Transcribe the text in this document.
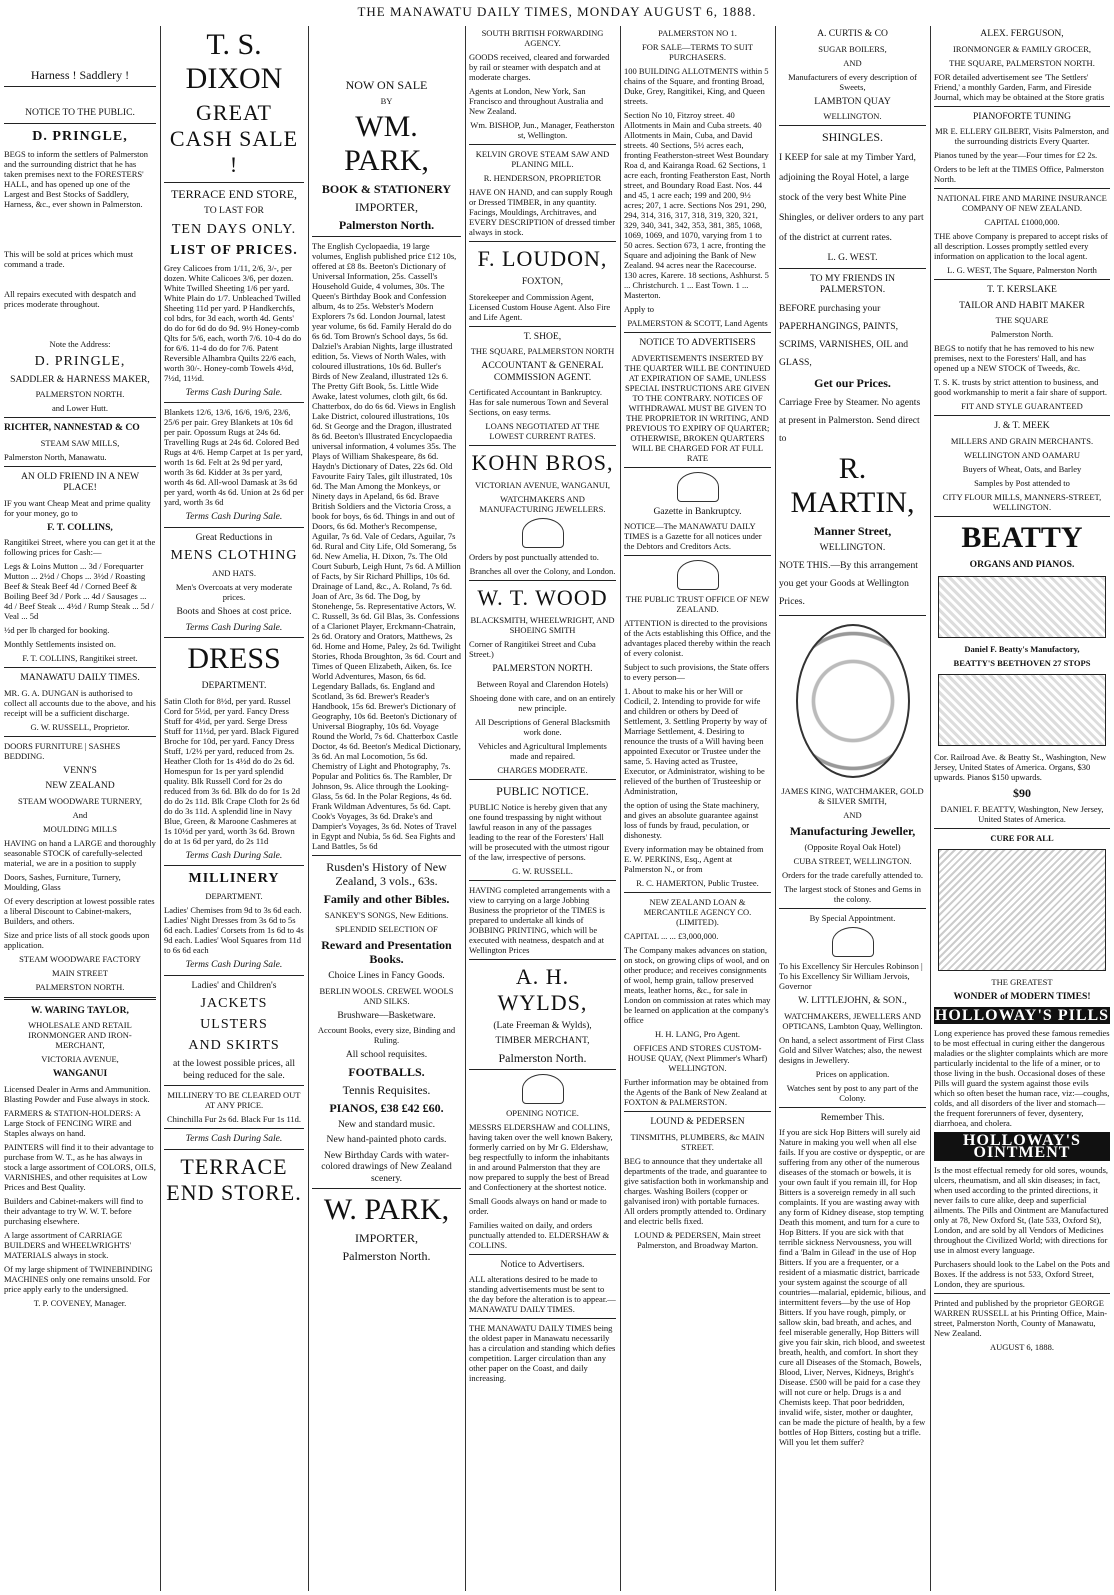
THE MANAWATU DAILY TIMES, MONDAY AUGUST 6, 1888.

Harness ! Saddlery !

NOTICE TO THE PUBLIC.

D. PRINGLE,

BEGS to inform the settlers of Palmerston and the surrounding district that he has taken premises next to the FORESTERS' HALL, and has opened up one of the Largest and Best Stocks of Saddlery, Harness, &c., ever shown in Palmerston.

This will be sold at prices which must command a trade.

All repairs executed with despatch and prices moderate throughout.

Note the Address:

D. PRINGLE,

SADDLER & HARNESS MAKER,

PALMERSTON NORTH.

and Lower Hutt.

RICHTER, NANNESTAD & CO

STEAM SAW MILLS,

Palmerston North, Manawatu.

AN OLD FRIEND IN A NEW PLACE!

IF you want Cheap Meat and prime quality for your money, go to

F. T. COLLINS,

Rangitikei Street, where you can get it at the following prices for Cash:—

Legs & Loins Mutton ... 3d / Forequarter Mutton ... 2½d / Chops ... 3½d / Roasting Beef & Steak Beef 4d / Corned Beef & Boiling Beef 3d / Pork ... 4d / Sausages ... 4d / Beef Steak ... 4½d / Rump Steak ... 5d / Veal ... 5d

½d per lb charged for booking.

Monthly Settlements insisted on.

F. T. COLLINS, Rangitikei street.

MANAWATU DAILY TIMES.

MR. G. A. DUNGAN is authorised to collect all accounts due to the above, and his receipt will be a sufficient discharge.

G. W. RUSSELL, Proprietor.

DOORS FURNITURE | SASHES BEDDING.

VENN'S

NEW ZEALAND

STEAM WOODWARE TURNERY,

And

MOULDING MILLS

HAVING on hand a LARGE and thoroughly seasonable STOCK of carefully-selected material, we are in a position to supply

Doors, Sashes, Furniture, Turnery, Moulding, Glass

Of every description at lowest possible rates a liberal Discount to Cabinet-makers, Builders, and others.

Size and price lists of all stock goods upon application.

STEAM WOODWARE FACTORY

MAIN STREET

PALMERSTON NORTH.

W. WARING TAYLOR,

WHOLESALE AND RETAIL IRONMONGER AND IRON-MERCHANT,

VICTORIA AVENUE,

WANGANUI

Licensed Dealer in Arms and Ammunition. Blasting Powder and Fuse always in stock.

FARMERS & STATION-HOLDERS: A Large Stock of FENCING WIRE and Staples always on hand.

PAINTERS will find it to their advantage to purchase from W. T., as he has always in stock a large assortment of COLORS, OILS, VARNISHES, and other requisites at Low Prices and Best Quality.

Builders and Cabinet-makers will find to their advantage to try W. W. T. before purchasing elsewhere.

A large assortment of CARRIAGE BUILDERS and WHEELWRIGHTS' MATERIALS always in stock.

Of my large shipment of TWINEBINDING MACHINES only one remains unsold. For price apply early to the undersigned.

T. P. COVENEY, Manager.

T. S. DIXON

GREAT CASH SALE !

TERRACE END STORE,

TO LAST FOR

TEN DAYS ONLY.

LIST OF PRICES.

Grey Calicoes from 1/11, 2/6, 3/-, per dozen. White Calicoes 3/6, per dozen. White Twilled Sheeting 1/6 per yard. White Plain do 1/7. Unbleached Twilled Sheeting 11d per yard. P Handkerchfs, col bdrs, for 3d each, worth 4d. Gents' do do for 6d do do 9d. 9½ Honey-comb Qlts for 5/6, each, worth 7/6. 10-4 do do for 6/6. 11-4 do do for 7/6. Patent Reversible Alhambra Quilts 22/6 each, worth 30/-. Honey-comb Towels 4½d, 7½d, 11½d.

Terms Cash During Sale.

Blankets 12/6, 13/6, 16/6, 19/6, 23/6, 25/6 per pair. Grey Blankets at 10s 6d per pair. Opossum Rugs at 24s 6d. Travelling Rugs at 24s 6d. Colored Bed Rugs at 4/6. Hemp Carpet at 1s per yard, worth 1s 6d. Felt at 2s 9d per yard, worth 3s 6d. Kidder at 3s per yard, worth 4s 6d. All-wool Damask at 3s 6d per yard, worth 4s 6d. Union at 2s 6d per yard, worth 3s 6d

Terms Cash During Sale.

Great Reductions in

MENS CLOTHING

AND HATS.

Men's Overcoats at very moderate prices.

Boots and Shoes at cost price.

Terms Cash During Sale.

DRESS

DEPARTMENT.

Satin Cloth for 8½d, per yard. Russel Cord for 5½d, per yard. Fancy Dress Stuff for 4½d, per yard. Serge Dress Stuff for 11½d, per yard. Black Figured Broche for 10d, per yard. Fancy Dress Stuff, 1/2½ per yard, reduced from 2s. Heather Cloth for 1s 4½d do do 2s 6d. Homespun for 1s per yard splendid quality. Blk Russell Cord for 2s do reduced from 3s 6d. Blk do do for 1s 2d do do 2s 11d. Blk Crape Cloth for 2s 6d do do 3s 11d. A splendid line in Navy Blue, Green, & Maroone Cashmeres at 1s 10½d per yard, worth 3s 6d. Brown do at 1s 6d per yard, do 2s 11d

Terms Cash During Sale.

MILLINERY

DEPARTMENT.

Ladies' Chemises from 9d to 3s 6d each. Ladies' Night Dresses from 3s 6d to 5s 6d each. Ladies' Corsets from 1s 6d to 4s 9d each. Ladies' Wool Squares from 11d to 6s 6d each

Terms Cash During Sale.

Ladies' and Children's

JACKETS

ULSTERS

AND SKIRTS

at the lowest possible prices, all being reduced for the sale.

MILLINERY TO BE CLEARED OUT AT ANY PRICE.

Chinchilla Fur 2s 6d. Black Fur 1s 11d.

Terms Cash During Sale.

TERRACE END STORE.

NOW ON SALE

BY

WM. PARK,

BOOK & STATIONERY

IMPORTER,

Palmerston North.

The English Cyclopaedia, 19 large volumes, English published price £12 10s, offered at £8 8s. Beeton's Dictionary of Universal Information, 25s. Cassell's Household Guide, 4 volumes, 30s. The Queen's Birthday Book and Confession album, 4s to 25s. Webster's Modern Explorers 7s 6d. London Journal, latest year volume, 6s 6d. Family Herald do do 6s 6d. Tom Brown's School days, 5s 6d. Dalziel's Arabian Nights, large illustrated edition, 5s. Views of North Wales, with coloured illustrations, 10s 6d. Buller's Birds of New Zealand, illustrated 12s 6. The Pretty Gift Book, 5s. Little Wide Awake, latest volumes, cloth gilt, 6s 6d. Chatterbox, do do 6s 6d. Views in English Lake District, coloured illustrations, 10s 6d. St George and the Dragon, illustrated 8s 6d. Beeton's Illustrated Encyclopaedia universal information, 4 volumes 35s. The Plays of William Shakespeare, 8s 6d. Haydn's Dictionary of Dates, 22s 6d. Old Favourite Fairy Tales, gilt illustrated, 10s 6d. The Man Among the Monkeys, or Ninety days in Apeland, 6s 6d. Brave British Soldiers and the Victoria Cross, a book for boys, 6s 6d. Things in and out of Doors, 6s 6d. Mother's Recompense, Aguilar, 7s 6d. Vale of Cedars, Aguilar, 7s 6d. Rural and City Life, Old Somerang, 5s 6d. New Amelia, H. Dixon, 7s. The Old Court Suburb, Leigh Hunt, 7s 6d. A Million of Facts, by Sir Richard Phillips, 10s 6d. Drainage of Land, &c., A. Roland, 7s 6d. Joan of Arc, 3s 6d. The Dog, by Stonehenge, 5s. Representative Actors, W. C. Russell, 3s 6d. Gil Blas, 3s. Confessions of a Clarionet Player, Erckmann-Chatrain, 2s 6d. Oratory and Orators, Matthews, 2s 6d. Home and Home, Paley, 2s 6d. Twilight Stories, Rhoda Broughton, 3s 6d. Court and Times of Queen Elizabeth, Aiken, 6s. Ice World Adventures, Mason, 6s 6d. Legendary Ballads, 6s. England and Scotland, 3s 6d. Brewer's Reader's Handbook, 15s 6d. Brewer's Dictionary of Geography, 10s 6d. Beeton's Dictionary of Universal Biography, 10s 6d. Voyage Round the World, 7s 6d. Chatterbox Castle Doctor, 4s 6d. Beeton's Medical Dictionary, 3s 6d. An mal Locomotion, 5s 6d. Chemistry of Light and Photography, 7s. Popular and Politics 6s. The Rambler, Dr Johnson, 9s. Alice through the Looking-Glass, 5s 6d. In the Polar Regions, 4s 6d. Frank Wildman Adventures, 5s 6d. Capt. Cook's Voyages, 3s 6d. Drake's and Dampier's Voyages, 3s 6d. Notes of Travel in Egypt and Nubia, 5s 6d. Sea Fights and Land Battles, 5s 6d

Rusden's History of New Zealand, 3 vols., 63s.

Family and other Bibles.

SANKEY'S SONGS, New Editions.

SPLENDID SELECTION OF

Reward and Presentation Books.

Choice Lines in Fancy Goods.

BERLIN WOOLS. CREWEL WOOLS AND SILKS.

Brushware—Basketware.

Account Books, every size, Binding and Ruling.

All school requisites.

FOOTBALLS.

Tennis Requisites.

PIANOS, £38 £42 £60.

New and standard music.

New hand-painted photo cards.

New Birthday Cards with water-colored drawings of New Zealand scenery.

W. PARK,

IMPORTER,

Palmerston North.

SOUTH BRITISH FORWARDING AGENCY.

GOODS received, cleared and forwarded by rail or steamer with despatch and at moderate charges.

Agents at London, New York, San Francisco and throughout Australia and New Zealand.

Wm. BISHOP, Jun., Manager, Featherston st, Wellington.

KELVIN GROVE STEAM SAW AND PLANING MILL.

R. HENDERSON, PROPRIETOR

HAVE ON HAND, and can supply Rough or Dressed TIMBER, in any quantity. Facings, Mouldings, Architraves, and EVERY DESCRIPTION of dressed timber always in stock.

F. LOUDON,

FOXTON,

Storekeeper and Commission Agent, Licensed Custom House Agent. Also Fire and Life Agent.

T. SHOE,

THE SQUARE, PALMERSTON NORTH

ACCOUNTANT & GENERAL COMMISSION AGENT.

Certificated Accountant in Bankruptcy. Has for sale numerous Town and Several Sections, on easy terms.

LOANS NEGOTIATED AT THE LOWEST CURRENT RATES.

KOHN BROS,

VICTORIAN AVENUE, WANGANUI,

WATCHMAKERS AND MANUFACTURING JEWELLERS.

Orders by post punctually attended to.

Branches all over the Colony, and London.

W. T. WOOD

BLACKSMITH, WHEELWRIGHT, AND SHOEING SMITH

Corner of Rangitikei Street and Cuba Street.)

PALMERSTON NORTH.

Between Royal and Clarendon Hotels)

Shoeing done with care, and on an entirely new principle.

All Descriptions of General Blacksmith work done.

Vehicles and Agricultural Implements made and repaired.

CHARGES MODERATE.

PUBLIC NOTICE.

PUBLIC Notice is hereby given that any one found trespassing by night without lawful reason in any of the passages leading to the rear of the Foresters' Hall will be prosecuted with the utmost rigour of the law, irrespective of persons.

G. W. RUSSELL.

HAVING completed arrangements with a view to carrying on a large Jobbing Business the proprietor of the TIMES is prepared to undertake all kinds of JOBBING PRINTING, which will be executed with neatness, despatch and at Wellington Prices

A. H. WYLDS,

(Late Freeman & Wylds),

TIMBER MERCHANT,

Palmerston North.

OPENING NOTICE.

MESSRS ELDERSHAW and COLLINS, having taken over the well known Bakery, formerly carried on by Mr G. Eldershaw, beg respectfully to inform the inhabitants in and around Palmerston that they are now prepared to supply the best of Bread and Confectionery at the shortest notice.

Small Goods always on hand or made to order.

Families waited on daily, and orders punctually attended to. ELDERSHAW & COLLINS.

Notice to Advertisers.

ALL alterations desired to be made to standing advertisements must be sent to the day before the alteration is to appear.— MANAWATU DAILY TIMES.

THE MANAWATU DAILY TIMES being the oldest paper in Manawatu necessarily has a circulation and standing which defies competition. Larger circulation than any other paper on the Coast, and daily increasing.

PALMERSTON NO 1.

FOR SALE—TERMS TO SUIT PURCHASERS.

100 BUILDING ALLOTMENTS within 5 chains of the Square, and fronting Broad, Duke, Grey, Rangitikei, King, and Queen streets.

Section No 10, Fitzroy street. 40 Allotments in Main and Cuba streets. 40 Allotments in Main, Cuba, and David streets. 40 Sections, 5½ acres each, fronting Featherston-street West Boundary Roa d, and Kairanga Road. 62 Sections, 1 acre each, fronting Featherston East, North street, and Boundary Road East. Nos. 44 and 45, 1 acre each; 199 and 200, 9½ acres; 207, 1 acre. Sections Nos 291, 290, 294, 314, 316, 317, 318, 319, 320, 321, 329, 340, 341, 342, 353, 381, 385, 1068, 1069, 1069, and 1070, varying from 1 to 50 acres. Section 673, 1 acre, fronting the Square and adjoining the Bank of New Zealand. 94 acres near the Racecourse. 130 acres, Karere. 18 sections, Ashhurst. 5 ... Christchurch. 1 ... East Town. 1 ... Masterton.

Apply to

PALMERSTON & SCOTT, Land Agents

NOTICE TO ADVERTISERS

ADVERTISEMENTS INSERTED BY THE QUARTER WILL BE CONTINUED AT EXPIRATION OF SAME, UNLESS SPECIAL INSTRUCTIONS ARE GIVEN TO THE CONTRARY. NOTICES OF WITHDRAWAL MUST BE GIVEN TO THE PROPRIETOR IN WRITING, AND PREVIOUS TO EXPIRY OF QUARTER; OTHERWISE, BROKEN QUARTERS WILL BE CHARGED FOR AT FULL RATE

Gazette in Bankruptcy.

NOTICE—The MANAWATU DAILY TIMES is a Gazette for all notices under the Debtors and Creditors Acts.

THE PUBLIC TRUST OFFICE OF NEW ZEALAND.

ATTENTION is directed to the provisions of the Acts establishing this Office, and the advantages placed thereby within the reach of every colonist.

Subject to such provisions, the State offers to every person—

1. About to make his or her Will or Codicil, 2. Intending to provide for wife and children or others by Deed of Settlement, 3. Settling Property by way of Marriage Settlement, 4. Desiring to renounce the trusts of a Will having been appointed Executor or Trustee under the same, 5. Having acted as Trustee, Executor, or Administrator, wishing to be relieved of the burthen of Trusteeship or Administration,

the option of using the State machinery, and gives an absolute guarantee against loss of funds by fraud, peculation, or dishonesty.

Every information may be obtained from E. W. PERKINS, Esq., Agent at Palmerston N., or from

R. C. HAMERTON, Public Trustee.

NEW ZEALAND LOAN & MERCANTILE AGENCY CO. (LIMITED).

CAPITAL ... ... £3,000,000.

The Company makes advances on station, on stock, on growing clips of wool, and on other produce; and receives consignments of wool, hemp grain, tallow preserved meats, leather horns, &c., for sale in London on commission at rates which may be learned on application at the company's office

H. H. LANG, Pro Agent.

OFFICES AND STORES CUSTOM-HOUSE QUAY, (Next Plimmer's Wharf) WELLINGTON.

Further information may be obtained from the Agents of the Bank of New Zealand at FOXTON & PALMERSTON.

LOUND & PEDERSEN

TINSMITHS, PLUMBERS, &c MAIN STREET.

BEG to announce that they undertake all departments of the trade, and guarantee to give satisfaction both in workmanship and charges. Washing Boilers (copper or galvanised iron) with portable furnaces. All orders promptly attended to. Ordinary and electric bells fixed.

LOUND & PEDERSEN, Main street Palmerston, and Broadway Marton.

A. CURTIS & CO

SUGAR BOILERS,

AND

Manufacturers of every description of Sweets,

LAMBTON QUAY

WELLINGTON.

SHINGLES.

I KEEP for sale at my Timber Yard, adjoining the Royal Hotel, a large stock of the very best White Pine Shingles, or deliver orders to any part of the district at current rates.

L. G. WEST.

TO MY FRIENDS IN PALMERSTON.

BEFORE purchasing your PAPERHANGINGS, PAINTS, SCRIMS, VARNISHES, OIL and GLASS,

Get our Prices.

Carriage Free by Steamer. No agents at present in Palmerston. Send direct to

R. MARTIN,

Manner Street,

WELLINGTON.

NOTE THIS.—By this arrangement you get your Goods at Wellington Prices.

JAMES KING, WATCHMAKER, GOLD & SILVER SMITH,

AND

Manufacturing Jeweller,

(Opposite Royal Oak Hotel)

CUBA STREET, WELLINGTON.

Orders for the trade carefully attended to.

The largest stock of Stones and Gems in the colony.

By Special Appointment.

To his Excellency Sir Hercules Robinson | To his Excellency Sir William Jervois, Governor

W. LITTLEJOHN, & SON.,

WATCHMAKERS, JEWELLERS AND OPTICANS, Lambton Quay, Wellington.

On hand, a select assortment of First Class Gold and Silver Watches; also, the newest designs in Jewellery.

Prices on application.

Watches sent by post to any part of the Colony.

Remember This.

If you are sick Hop Bitters will surely aid Nature in making you well when all else fails. If you are costive or dyspeptic, or are suffering from any other of the numerous diseases of the stomach or bowels, it is your own fault if you remain ill, for Hop Bitters is a sovereign remedy in all such complaints. If you are wasting away with any form of Kidney disease, stop tempting Death this moment, and turn for a cure to Hop Bitters. If you are sick with that terrible sickness Nervousness, you will find a 'Balm in Gilead' in the use of Hop Bitters. If you are a frequenter, or a resident of a miasmatic district, barricade your system against the scourge of all countries—malarial, epidemic, bilious, and intermittent fevers—by the use of Hop Bitters. If you have rough, pimply, or sallow skin, bad breath, and aches, and feel miserable generally, Hop Bitters will give you fair skin, rich blood, and sweetest breath, health, and comfort. In short they cure all Diseases of the Stomach, Bowels, Blood, Liver, Nerves, Kidneys, Bright's Disease. £500 will be paid for a case they will not cure or help. Drugs is a and Chemists keep. That poor bedridden, invalid wife, sister, mother or daughter, can be made the picture of health, by a few bottles of Hop Bitters, costing but a trifle. Will you let them suffer?

ALEX. FERGUSON,

IRONMONGER & FAMILY GROCER,

THE SQUARE, PALMERSTON NORTH.

FOR detailed advertisement see 'The Settlers' Friend,' a monthly Garden, Farm, and Fireside Journal, which may be obtained at the Store gratis

PIANOFORTE TUNING

MR E. ELLERY GILBERT, Visits Palmerston, and the surrounding districts Every Quarter.

Pianos tuned by the year—Four times for £2 2s.

Orders to be left at the TIMES Office, Palmerston North.

NATIONAL FIRE AND MARINE INSURANCE COMPANY OF NEW ZEALAND.

CAPITAL £1000,000.

THE above Company is prepared to accept risks of all description. Losses promptly settled every information on application to the local agent.

L. G. WEST, The Square, Palmerston North

T. T. KERSLAKE

TAILOR AND HABIT MAKER

THE SQUARE

Palmerston North.

BEGS to notify that he has removed to his new premises, next to the Foresters' Hall, and has opened up a NEW STOCK of Tweeds, &c.

T. S. K. trusts by strict attention to business, and good workmanship to merit a fair share of support.

FIT AND STYLE GUARANTEED

J. & T. MEEK

MILLERS AND GRAIN MERCHANTS.

WELLINGTON AND OAMARU

Buyers of Wheat, Oats, and Barley

Samples by Post attended to

CITY FLOUR MILLS, MANNERS-STREET, WELLINGTON.

BEATTY

ORGANS AND PIANOS.

Daniel F. Beatty's Manufactory,

BEATTY'S BEETHOVEN 27 STOPS

Cor. Railroad Ave. & Beatty St., Washington, New Jersey, United States of America. Organs, $30 upwards. Pianos $150 upwards.

$90

DANIEL F. BEATTY, Washington, New Jersey, United States of America.

CURE FOR ALL

THE GREATEST

WONDER of MODERN TIMES!

HOLLOWAY'S PILLS

Long experience has proved these famous remedies to be most effectual in curing either the dangerous maladies or the slighter complaints which are more particularly incidental to the life of a miner, or to those living in the bush. Occasional doses of these Pills will guard the system against those evils which so often beset the human race, viz:—coughs, colds, and all disorders of the liver and stomach—the frequent forerunners of fever, dysentery, diarrhoea, and cholera.

HOLLOWAY'S OINTMENT

Is the most effectual remedy for old sores, wounds, ulcers, rheumatism, and all skin diseases; in fact, when used according to the printed directions, it never fails to cure alike, deep and superficial ailments. The Pills and Ointment are Manufactured only at 78, New Oxford St, (late 533, Oxford St), London, and are sold by all Vendors of Medicines throughout the Civilized World; with directions for use in almost every language.

Purchasers should look to the Label on the Pots and Boxes. If the address is not 533, Oxford Street, London, they are spurious.

Printed and published by the proprietor GEORGE WARREN RUSSELL at his Printing Office, Main-street, Palmerston North, County of Manawatu, New Zealand.

AUGUST 6, 1888.
